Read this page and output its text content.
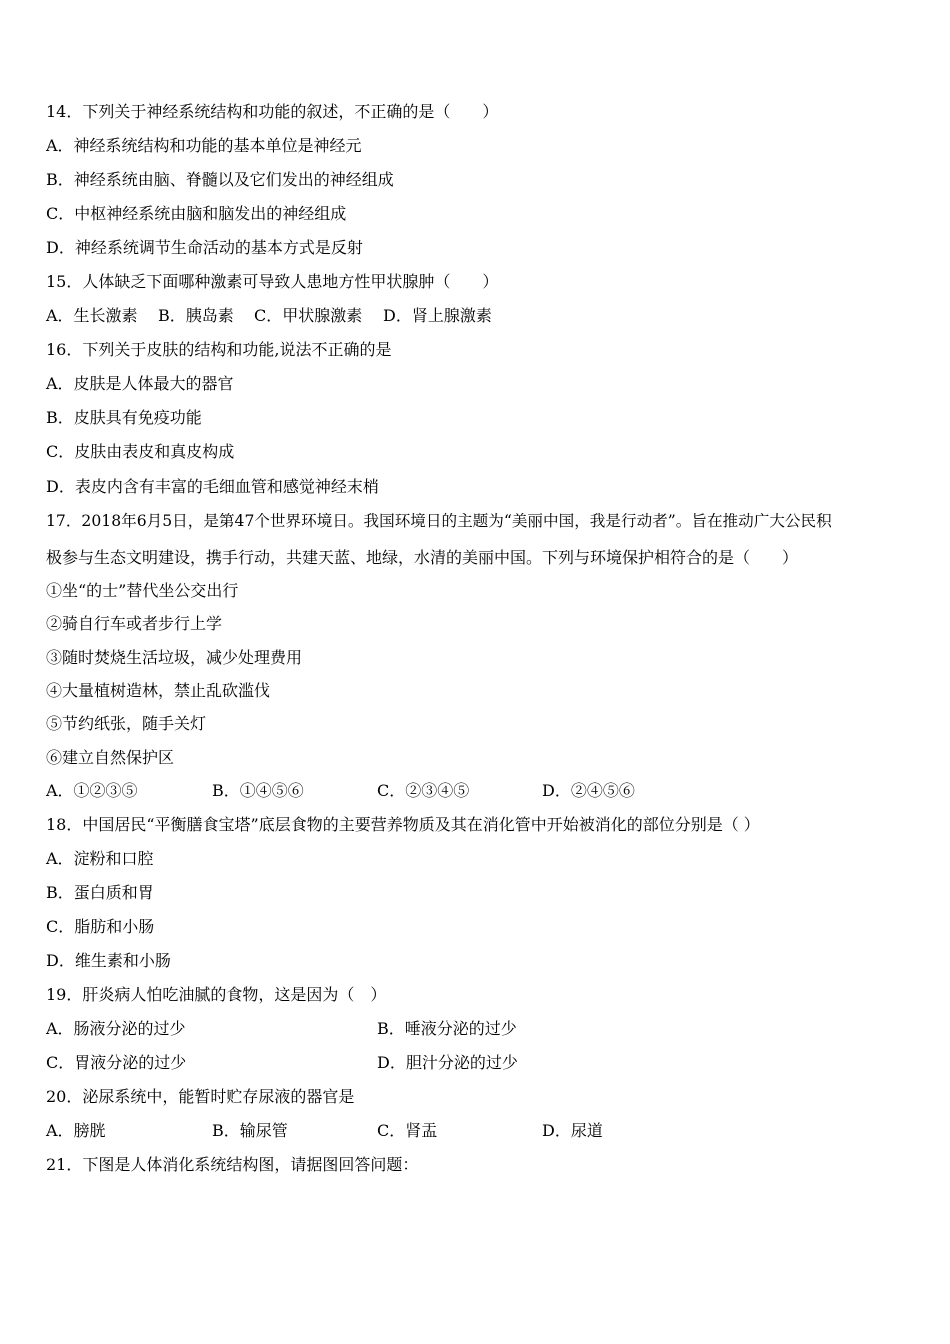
14．下列关于神经系统结构和功能的叙述，不正确的是（　　）
A．神经系统结构和功能的基本单位是神经元
B．神经系统由脑、脊髓以及它们发出的神经组成
C．中枢神经系统由脑和脑发出的神经组成
D．神经系统调节生命活动的基本方式是反射
15．人体缺乏下面哪种激素可导致人患地方性甲状腺肿（　　）
A．生长激素 B．胰岛素 C．甲状腺激素 D．肾上腺激素
16．下列关于皮肤的结构和功能,说法不正确的是
A．皮肤是人体最大的器官
B．皮肤具有免疫功能
C．皮肤由表皮和真皮构成
D．表皮内含有丰富的毛细血管和感觉神经末梢
17．2018年6月5日，是第47个世界环境日。我国环境日的主题为“美丽中国，我是行动者”。旨在推动广大公民积
极参与生态文明建设，携手行动，共建天蓝、地绿，水清的美丽中国。下列与环境保护相符合的是（　　）
①坐“的士”替代坐公交出行
②骑自行车或者步行上学
③随时焚烧生活垃圾，减少处理费用
④大量植树造林，禁止乱砍滥伐
⑤节约纸张，随手关灯
⑥建立自然保护区
A．①②③⑤	B．①④⑤⑥	C．②③④⑤	D．②④⑤⑥
18．中国居民“平衡膳食宝塔”底层食物的主要营养物质及其在消化管中开始被消化的部位分别是（ ）
A．淀粉和口腔
B．蛋白质和胃
C．脂肪和小肠
D．维生素和小肠
19．肝炎病人怕吃油腻的食物，这是因为（　）
A．肠液分泌的过少	B．唾液分泌的过少
C．胃液分泌的过少	D．胆汁分泌的过少
20．泌尿系统中，能暂时贮存尿液的器官是
A．膀胱	B．输尿管	C．肾盂	D．尿道
21．下图是人体消化系统结构图，请据图回答问题：
